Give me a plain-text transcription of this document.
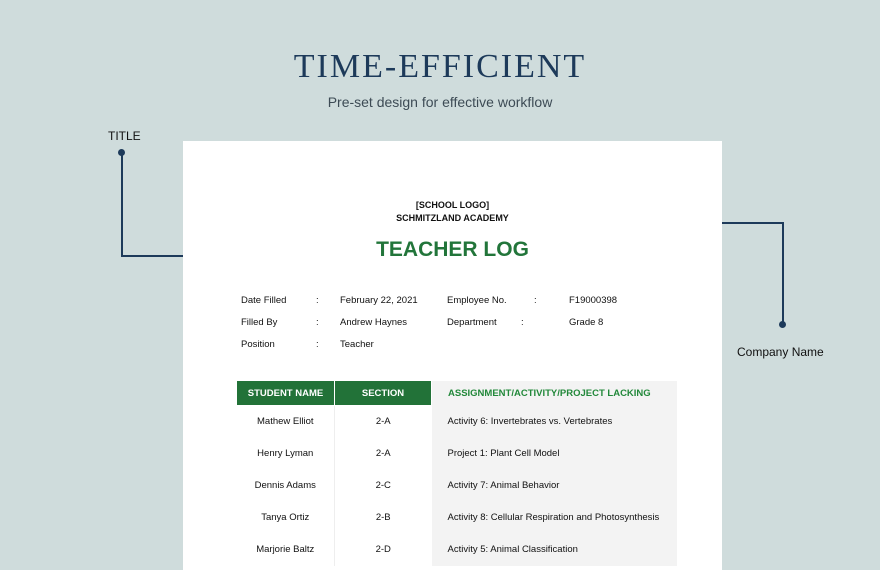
TIME-EFFICIENT
Pre-set design for effective workflow
TITLE
Company Name
[SCHOOL LOGO]
SCHMITZLAND ACADEMY
TEACHER LOG
Date Filled	: February 22, 2021
Filled By	: Andrew Haynes
Position	: Teacher
Employee No.	:	F19000398
Department	:	Grade 8
STUDENT NAME	SECTION	ASSIGNMENT/ACTIVITY/PROJECT LACKING
Mathew Elliot	2-A	Activity 6: Invertebrates vs. Vertebrates
Henry Lyman	2-A	Project 1: Plant Cell Model
Dennis Adams	2-C	Activity 7: Animal Behavior
Tanya Ortiz	2-B	Activity 8: Cellular Respiration and Photosynthesis
Marjorie Baltz	2-D	Activity 5: Animal Classification
